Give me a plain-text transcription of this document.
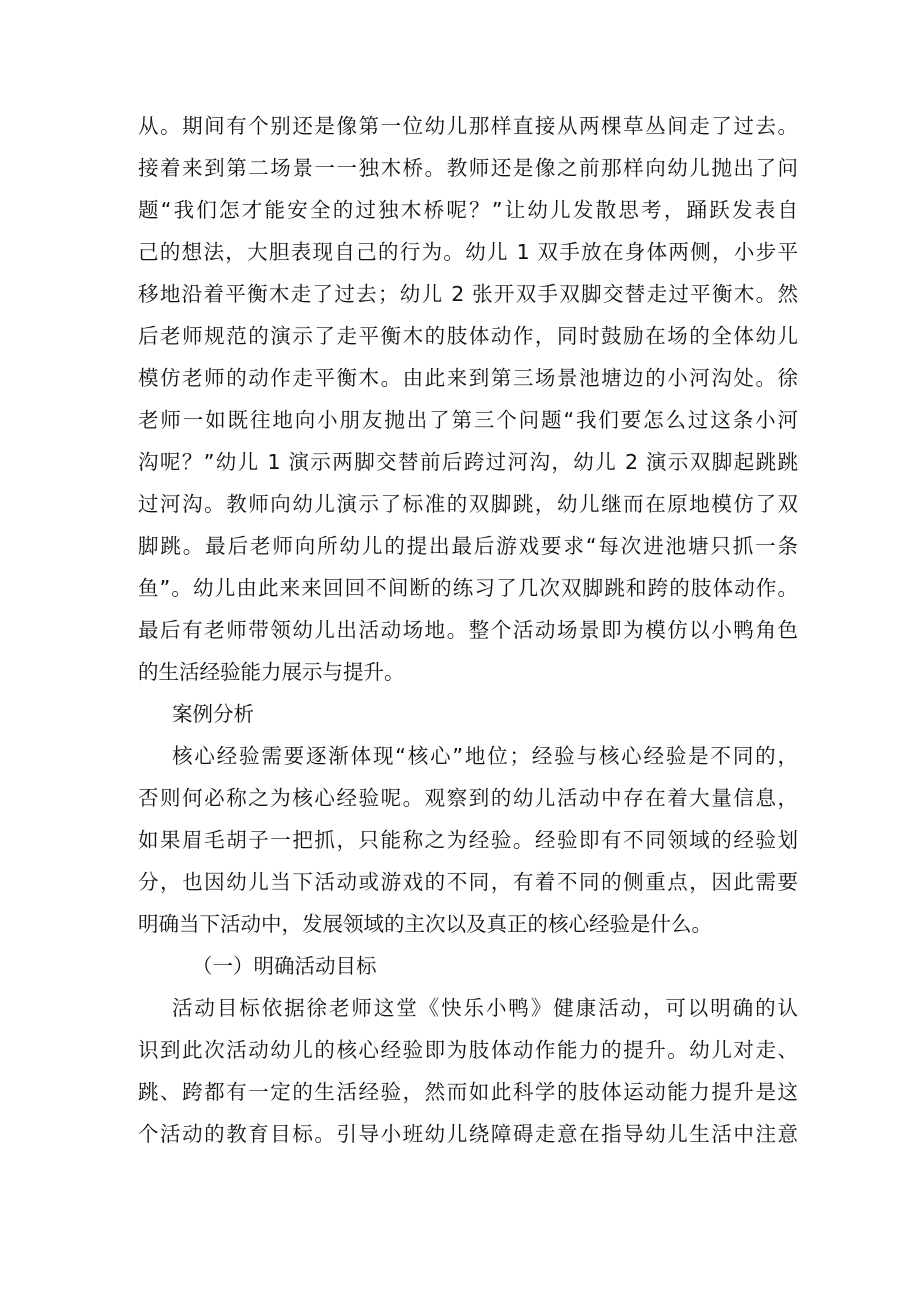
从。期间有个别还是像第一位幼儿那样直接从两棵草丛间走了过去。
接着来到第二场景一一独木桥。教师还是像之前那样向幼儿抛出了问
题“我们怎才能安全的过独木桥呢？”让幼儿发散思考，踊跃发表自
己的想法，大胆表现自己的行为。幼儿 1 双手放在身体两侧，小步平
移地沿着平衡木走了过去；幼儿 2 张开双手双脚交替走过平衡木。然
后老师规范的演示了走平衡木的肢体动作，同时鼓励在场的全体幼儿
模仿老师的动作走平衡木。由此来到第三场景池塘边的小河沟处。徐
老师一如既往地向小朋友抛出了第三个问题“我们要怎么过这条小河
沟呢？”幼儿 1 演示两脚交替前后跨过河沟，幼儿 2 演示双脚起跳跳
过河沟。教师向幼儿演示了标准的双脚跳，幼儿继而在原地模仿了双
脚跳。最后老师向所幼儿的提出最后游戏要求“每次进池塘只抓一条
鱼”。幼儿由此来来回回不间断的练习了几次双脚跳和跨的肢体动作。
最后有老师带领幼儿出活动场地。整个活动场景即为模仿以小鸭角色
的生活经验能力展示与提升。
案例分析
核心经验需要逐渐体现“核心”地位；经验与核心经验是不同的，
否则何必称之为核心经验呢。观察到的幼儿活动中存在着大量信息，
如果眉毛胡子一把抓，只能称之为经验。经验即有不同领域的经验划
分，也因幼儿当下活动或游戏的不同，有着不同的侧重点，因此需要
明确当下活动中，发展领域的主次以及真正的核心经验是什么。
（一）明确活动目标
活动目标依据徐老师这堂《快乐小鸭》健康活动，可以明确的认
识到此次活动幼儿的核心经验即为肢体动作能力的提升。幼儿对走、
跳、跨都有一定的生活经验，然而如此科学的肢体运动能力提升是这
个活动的教育目标。引导小班幼儿绕障碍走意在指导幼儿生活中注意
